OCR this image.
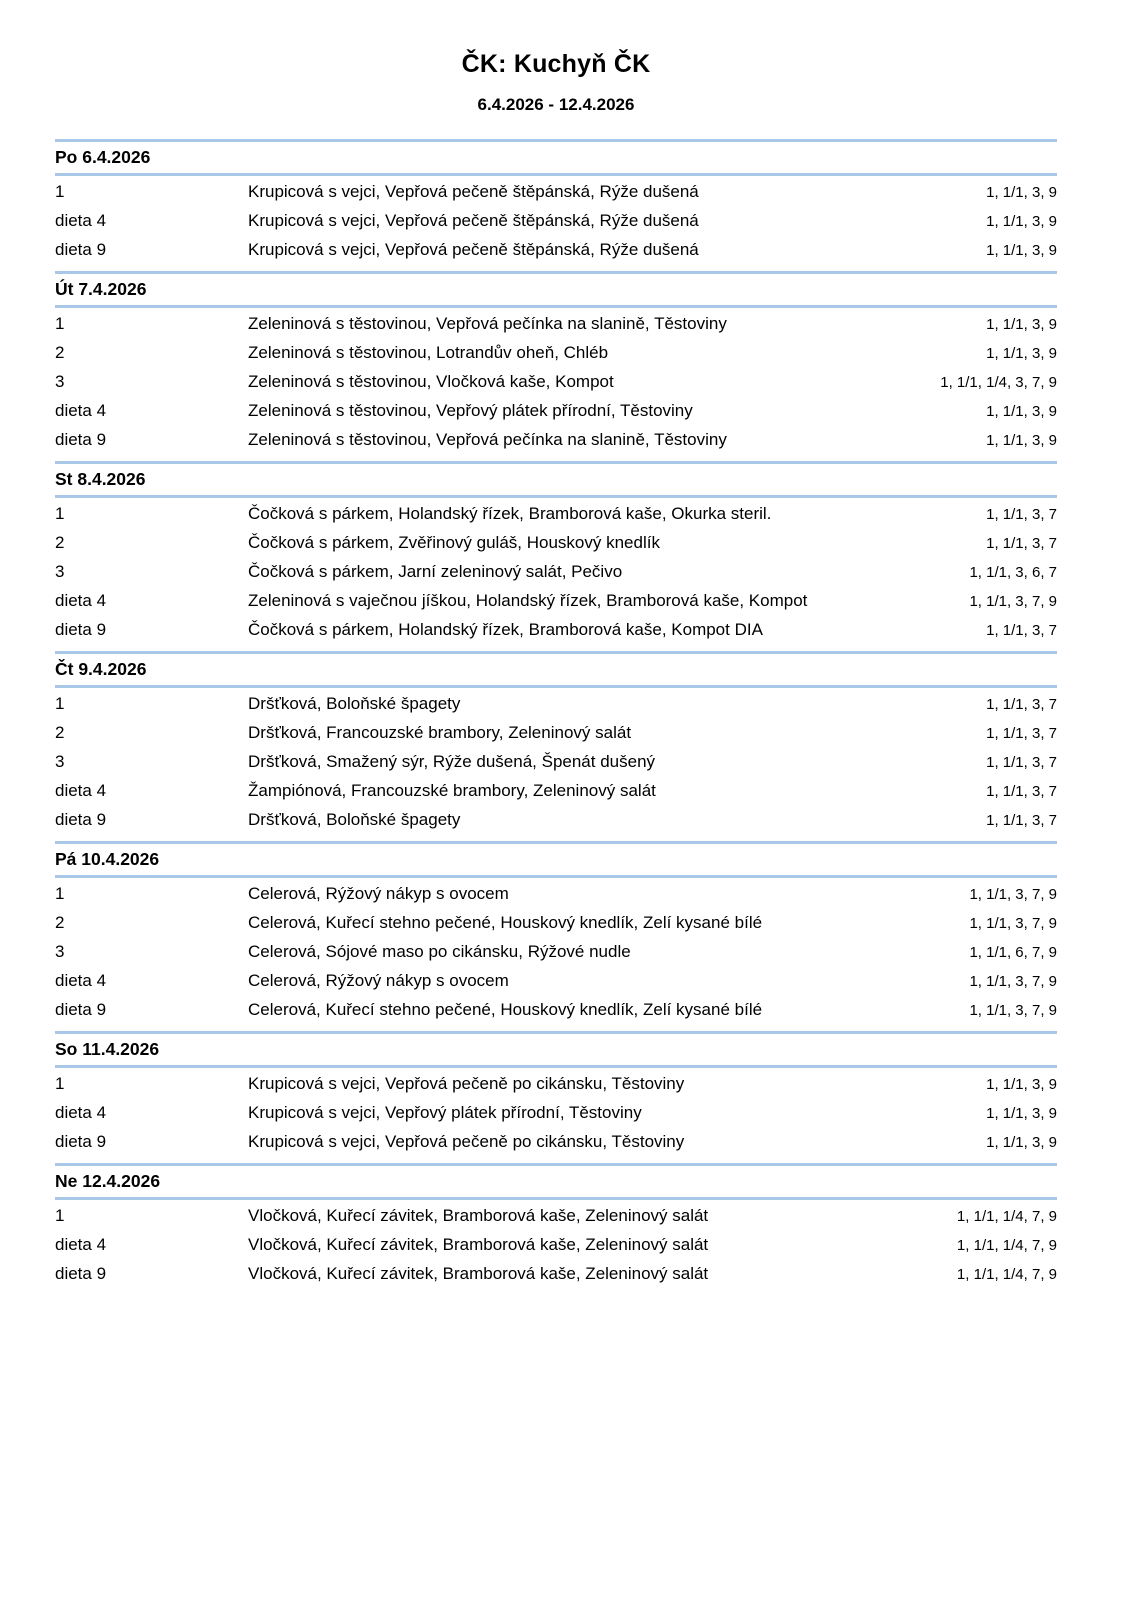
ČK: Kuchyň ČK
6.4.2026 - 12.4.2026
Po 6.4.2026
1	Krupicová s vejci, Vepřová pečeně štěpánská, Rýže dušená	1, 1/1, 3, 9
dieta 4	Krupicová s vejci, Vepřová pečeně štěpánská, Rýže dušená	1, 1/1, 3, 9
dieta 9	Krupicová s vejci, Vepřová pečeně štěpánská, Rýže dušená	1, 1/1, 3, 9
Út 7.4.2026
1	Zeleninová s těstovinou, Vepřová pečínka na slanině, Těstoviny	1, 1/1, 3, 9
2	Zeleninová s těstovinou, Lotrandův oheň, Chléb	1, 1/1, 3, 9
3	Zeleninová s těstovinou, Vločková kaše, Kompot	1, 1/1, 1/4, 3, 7, 9
dieta 4	Zeleninová s těstovinou, Vepřový plátek přírodní, Těstoviny	1, 1/1, 3, 9
dieta 9	Zeleninová s těstovinou, Vepřová pečínka na slanině, Těstoviny	1, 1/1, 3, 9
St 8.4.2026
1	Čočková s párkem, Holandský řízek, Bramborová kaše, Okurka steril.	1, 1/1, 3, 7
2	Čočková s párkem, Zvěřinový guláš, Houskový knedlík	1, 1/1, 3, 7
3	Čočková s párkem, Jarní zeleninový salát, Pečivo	1, 1/1, 3, 6, 7
dieta 4	Zeleninová s vaječnou jíškou, Holandský řízek, Bramborová kaše, Kompot	1, 1/1, 3, 7, 9
dieta 9	Čočková s párkem, Holandský řízek, Bramborová kaše, Kompot DIA	1, 1/1, 3, 7
Čt 9.4.2026
1	Dršťková, Boloňské špagety	1, 1/1, 3, 7
2	Dršťková, Francouzské brambory, Zeleninový salát	1, 1/1, 3, 7
3	Dršťková, Smažený sýr, Rýže dušená, Špenát dušený	1, 1/1, 3, 7
dieta 4	Žampiónová, Francouzské brambory, Zeleninový salát	1, 1/1, 3, 7
dieta 9	Dršťková, Boloňské špagety	1, 1/1, 3, 7
Pá 10.4.2026
1	Celerová, Rýžový nákyp s ovocem	1, 1/1, 3, 7, 9
2	Celerová, Kuřecí stehno pečené, Houskový knedlík, Zelí kysané bílé	1, 1/1, 3, 7, 9
3	Celerová, Sójové maso po cikánsku, Rýžové nudle	1, 1/1, 6, 7, 9
dieta 4	Celerová, Rýžový nákyp s ovocem	1, 1/1, 3, 7, 9
dieta 9	Celerová, Kuřecí stehno pečené, Houskový knedlík, Zelí kysané bílé	1, 1/1, 3, 7, 9
So 11.4.2026
1	Krupicová s vejci, Vepřová pečeně po cikánsku, Těstoviny	1, 1/1, 3, 9
dieta 4	Krupicová s vejci, Vepřový plátek přírodní, Těstoviny	1, 1/1, 3, 9
dieta 9	Krupicová s vejci, Vepřová pečeně po cikánsku, Těstoviny	1, 1/1, 3, 9
Ne 12.4.2026
1	Vločková, Kuřecí závitek, Bramborová kaše, Zeleninový salát	1, 1/1, 1/4, 7, 9
dieta 4	Vločková, Kuřecí závitek, Bramborová kaše, Zeleninový salát	1, 1/1, 1/4, 7, 9
dieta 9	Vločková, Kuřecí závitek, Bramborová kaše, Zeleninový salát	1, 1/1, 1/4, 7, 9
